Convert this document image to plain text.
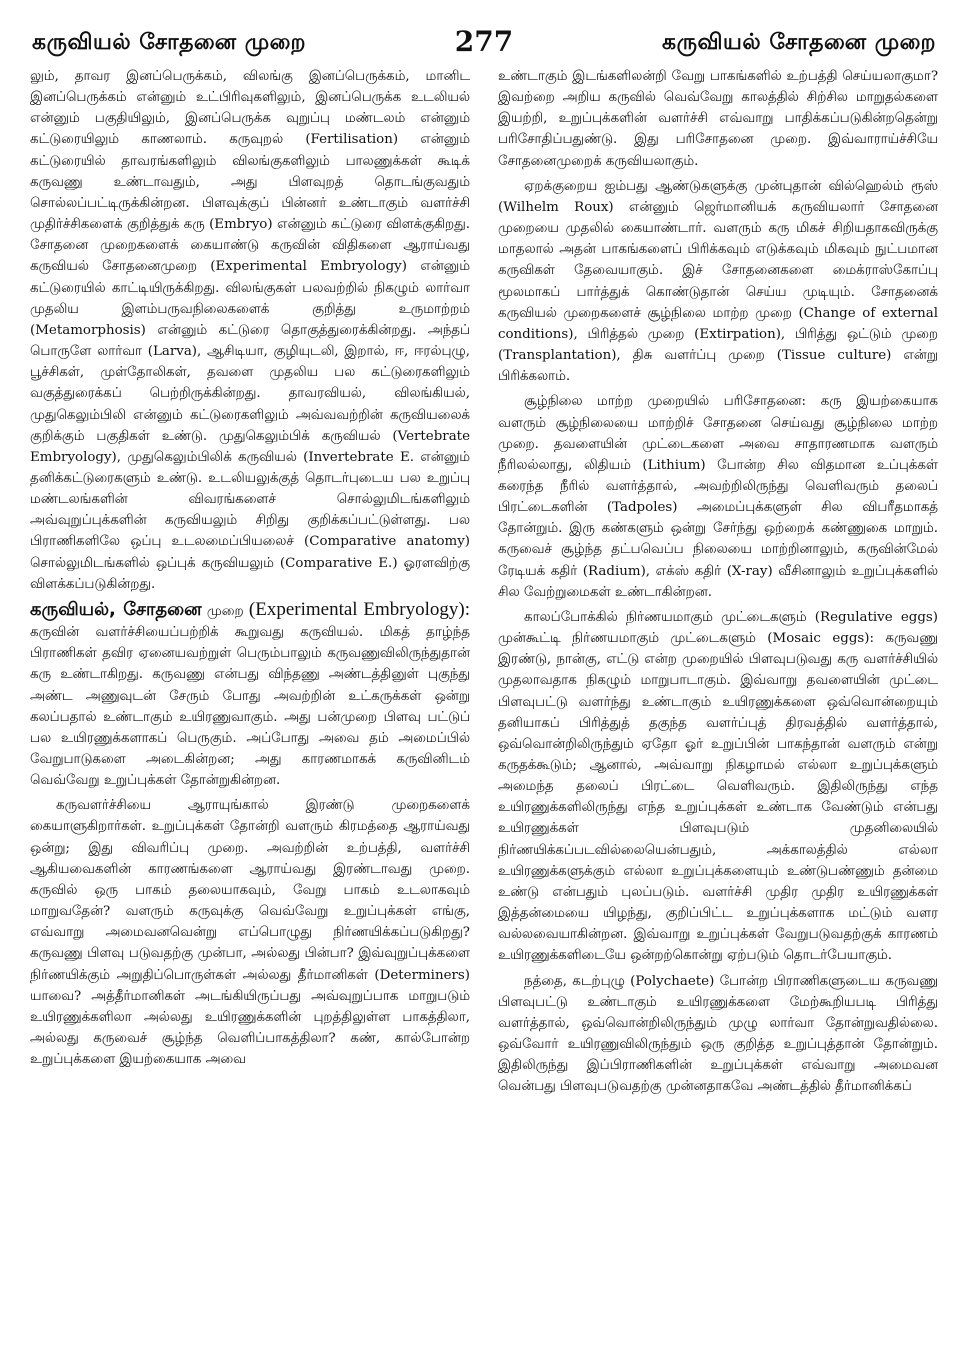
கருவியல் சோதனை முறை	277	கருவியல் சோதனை முறை

லும், தாவர இனப்பெருக்கம், விலங்கு இனப்பெருக்கம், மானிட இனப்பெருக்கம் என்னும் உட்பிரிவுகளிலும், இனப்பெருக்க உடலியல் என்னும் பகுதியிலும், இனப்பெருக்க வுறுப்பு மண்டலம் என்னும் கட்டுரையிலும் காணலாம். கருவுறல் (Fertilisation) என்னும் கட்டுரையில் தாவரங்களிலும் விலங்குகளிலும் பாலணுக்கள் கூடிக் கருவணு உண்டாவதும், அது பிளவுறத் தொடங்குவதும் சொல்லப்பட்டிருக்கின்றன. பிளவுக்குப் பின்னர் உண்டாகும் வளர்ச்சி முதிர்ச்சிகளைக் குறித்துக் கரு (Embryo) என்னும் கட்டுரை விளக்குகிறது. சோதனை முறைகளைக் கையாண்டு கருவின் விதிகளை ஆராய்வது கருவியல் சோதனைமுறை (Experimental Embryology) என்னும் கட்டுரையில் காட்டியிருக்கிறது. விலங்குகள் பலவற்றில் நிகழும் லார்வா முதலிய இளம்பருவநிலைகளைக் குறித்து உருமாற்றம் (Metamorphosis) என்னும் கட்டுரை தொகுத்துரைக்கின்றது. அந்தப் பொருளே லார்வா (Larva), ஆசிடியா, குழியுடலி, இறால், ஈ, ஈரல்புழு, பூச்சிகள், முள்தோலிகள், தவளை முதலிய பல கட்டுரைகளிலும் வகுத்துரைக்கப் பெற்றிருக்கின்றது. தாவரவியல், விலங்கியல், முதுகெலும்பிலி என்னும் கட்டுரைகளிலும் அவ்வவற்றின் கருவியலைக் குறிக்கும் பகுதிகள் உண்டு. முதுகெலும்பிக் கருவியல் (Vertebrate Embryology), முதுகெலும்பிலிக் கருவியல் (Invertebrate E. என்னும் தனிக்கட்டுரைகளும் உண்டு. உடலியலுக்குத் தொடர்புடைய பல உறுப்பு மண்டலங்களின் விவரங்களைச் சொல்லுமிடங்களிலும் அவ்வுறுப்புக்களின் கருவியலும் சிறிது குறிக்கப்பட்டுள்ளது. பல பிராணிகளிலே ஒப்பு உடலமைப்பியலைச் (Comparative anatomy) சொல்லுமிடங்களில் ஒப்புக் கருவியலும் (Comparative E.) ஓரளவிற்கு விளக்கப்படுகின்றது.

கருவியல், சோதனை முறை (Experimental Embryology): கருவின் வளர்ச்சியைப்பற்றிக் கூறுவது கருவியல். மிகத் தாழ்ந்த பிராணிகள் தவிர ஏனையவற்றுள் பெரும்பாலும் கருவணுவிலிருந்துதான் கரு உண்டாகிறது. கருவணு என்பது விந்தணு அண்டத்தினுள் புகுந்து அண்ட அணுவுடன் சேரும் போது அவற்றின் உட்கருக்கள் ஒன்று கலப்பதால் உண்டாகும் உயிரணுவாகும். அது பன்முறை பிளவு பட்டுப் பல உயிரணுக்களாகப் பெருகும். அப்போது அவை தம் அமைப்பில் வேறுபாடுகளை அடைகின்றன; அது காரணமாகக் கருவினிடம் வெவ்வேறு உறுப்புக்கள் தோன்றுகின்றன.

கருவளர்ச்சியை ஆராயுங்கால் இரண்டு முறைகளைக் கையாளுகிறார்கள். உறுப்புக்கள் தோன்றி வளரும் கிரமத்தை ஆராய்வது ஒன்று; இது விவரிப்பு முறை. அவற்றின் உற்பத்தி, வளர்ச்சி ஆகியவைகளின் காரணங்களை ஆராய்வது இரண்டாவது முறை. கருவில் ஒரு பாகம் தலையாகவும், வேறு பாகம் உடலாகவும் மாறுவதேன்? வளரும் கருவுக்கு வெவ்வேறு உறுப்புக்கள் எங்கு, எவ்வாறு அமைவனவென்று எப்பொழுது நிர்ணயிக்கப்படுகிறது? கருவணு பிளவு படுவதற்கு முன்பா, அல்லது பின்பா? இவ்வுறுப்புக்களை நிர்ணயிக்கும் அறுதிப்பொருள்கள் அல்லது தீர்மானிகள் (Determiners) யாவை? அத்தீர்மானிகள் அடங்கியிருப்பது அவ்வுறுப்பாக மாறுபடும் உயிரணுக்களிலா அல்லது உயிரணுக்களின் புறத்திலுள்ள பாகத்திலா, அல்லது கருவைச் சூழ்ந்த வெளிப்பாகத்திலா? கண், கால்போன்ற உறுப்புக்களை இயற்கையாக அவை

உண்டாகும் இடங்களிலன்றி வேறு பாகங்களில் உற்பத்தி செய்யலாகுமா? இவற்றை அறிய கருவில் வெவ்வேறு காலத்தில் சிற்சில மாறுதல்களை இயற்றி, உறுப்புக்களின் வளர்ச்சி எவ்வாறு பாதிக்கப்படுகின்றதென்று பரிசோதிப்பதுண்டு. இது பரிசோதனை முறை. இவ்வாராய்ச்சியே சோதனைமுறைக் கருவியலாகும்.

ஏறக்குறைய ஐம்பது ஆண்டுகளுக்கு முன்புதான் வில்ஹெல்ம் ரூஸ் (Wilhelm Roux) என்னும் ஜெர்மானியக் கருவியலார் சோதனை முறையை முதலில் கையாண்டார். வளரும் கரு மிகச் சிறியதாகவிருக்கு மாதலால் அதன் பாகங்களைப் பிரிக்கவும் எடுக்கவும் மிகவும் நுட்பமான கருவிகள் தேவையாகும். இச் சோதனைகளை மைக்ராஸ்கோப்பு மூலமாகப் பார்த்துக் கொண்டுதான் செய்ய முடியும். சோதனைக் கருவியல் முறைகளைச் சூழ்நிலை மாற்ற முறை (Change of external conditions), பிரித்தல் முறை (Extirpation), பிரித்து ஒட்டும் முறை (Transplantation), திசு வளர்ப்பு முறை (Tissue culture) என்று பிரிக்கலாம்.

சூழ்நிலை மாற்ற முறையில் பரிசோதனை: கரு இயற்கையாக வளரும் சூழ்நிலையை மாற்றிச் சோதனை செய்வது சூழ்நிலை மாற்ற முறை. தவளையின் முட்டைகளை அவை சாதாரணமாக வளரும் நீரிலல்லாது, லிதியம் (Lithium) போன்ற சில விதமான உப்புக்கள் கரைந்த நீரில் வளர்த்தால், அவற்றிலிருந்து வெளிவரும் தலைப் பிரட்டைகளின் (Tadpoles) அமைப்புக்களுள் சில விபரீதமாகத் தோன்றும். இரு கண்களும் ஒன்று சேர்ந்து ஒற்றைக் கண்ணுகை மாறும். கருவைச் சூழ்ந்த தட்பவெப்ப நிலையை மாற்றினாலும், கருவின்மேல் ரேடியக் கதிர் (Radium), எக்ஸ் கதிர் (X-ray) வீசினாலும் உறுப்புக்களில் சில வேற்றுமைகள் உண்டாகின்றன.

காலப்போக்கில் நிர்ணயமாகும் முட்டைகளும் (Regulative eggs) முன்கூட்டி நிர்ணயமாகும் முட்டைகளும் (Mosaic eggs): கருவணு இரண்டு, நான்கு, எட்டு என்ற முறையில் பிளவுபடுவது கரு வளர்ச்சியில் முதலாவதாக நிகழும் மாறுபாடாகும். இவ்வாறு தவளையின் முட்டை பிளவுபட்டு வளர்ந்து உண்டாகும் உயிரணுக்களை ஒவ்வொன்றையும் தனியாகப் பிரித்துத் தகுந்த வளர்ப்புத் திரவத்தில் வளர்த்தால், ஒவ்வொன்றிலிருந்தும் ஏதோ ஓர் உறுப்பின் பாகந்தான் வளரும் என்று கருதக்கூடும்; ஆனால், அவ்வாறு நிகழாமல் எல்லா உறுப்புக்களும் அமைந்த தலைப் பிரட்டை வெளிவரும். இதிலிருந்து எந்த உயிரணுக்களிலிருந்து எந்த உறுப்புக்கள் உண்டாக வேண்டும் என்பது உயிரணுக்கள் பிளவுபடும் முதனிலையில் நிர்ணயிக்கப்படவில்லையென்பதும், அக்காலத்தில் எல்லா உயிரணுக்களுக்கும் எல்லா உறுப்புக்களையும் உண்டுபண்ணும் தன்மை உண்டு என்பதும் புலப்படும். வளர்ச்சி முதிர முதிர உயிரணுக்கள் இத்தன்மையை யிழந்து, குறிப்பிட்ட உறுப்புக்களாக மட்டும் வளர வல்லவையாகின்றன. இவ்வாறு உறுப்புக்கள் வேறுபடுவதற்குக் காரணம் உயிரணுக்களிடையே ஒன்றற்கொன்று ஏற்படும் தொடர்பேயாகும்.

நத்தை, கடற்புழு (Polychaete) போன்ற பிராணிகளுடைய கருவணு பிளவுபட்டு உண்டாகும் உயிரணுக்களை மேற்கூறியபடி பிரித்து வளர்த்தால், ஒவ்வொன்றிலிருந்தும் முழு லார்வா தோன்றுவதில்லை. ஒவ்வோர் உயிரணுவிலிருந்தும் ஒரு குறித்த உறுப்புத்தான் தோன்றும். இதிலிருந்து இப்பிராணிகளின் உறுப்புக்கள் எவ்வாறு அமைவன வென்பது பிளவுபடுவதற்கு முன்னதாகவே அண்டத்தில் தீர்மானிக்கப்
